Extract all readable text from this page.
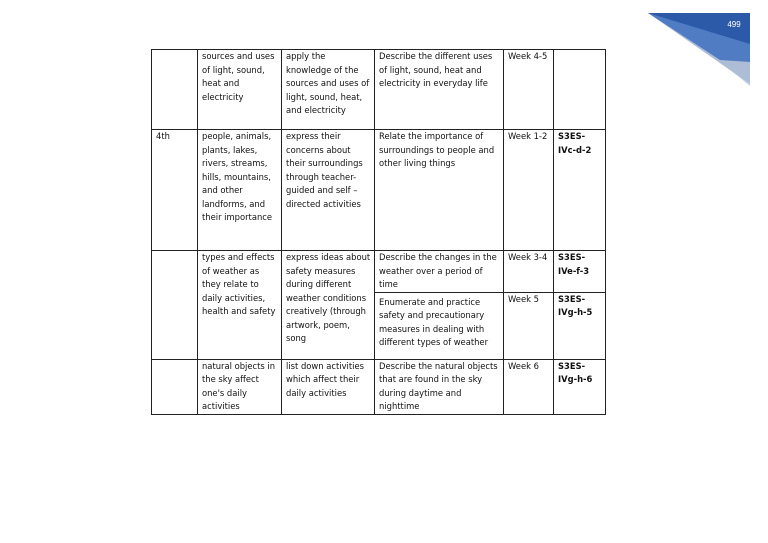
499
	sources and uses of light, sound, heat and electricity	apply the knowledge of the sources and uses of light, sound, heat, and electricity	Describe the different uses of light, sound, heat and electricity in everyday life	Week 4-5	
4th	people, animals, plants, lakes, rivers, streams, hills, mountains, and other landforms, and their importance	express their concerns about their surroundings through teacher-guided and self – directed activities	Relate the importance of surroundings to people and other living things	Week 1-2	S3ES-IVc-d-2
	types and effects of weather as they relate to daily activities, health and safety	express ideas about safety measures during different weather conditions creatively (through artwork, poem, song	Describe the changes in the weather over a period of time	Week 3-4	S3ES-IVe-f-3
			Enumerate and practice safety and precautionary measures in dealing with different types of weather	Week 5	S3ES-IVg-h-5
	natural objects in the sky affect one's daily activities	list down activities which affect their daily activities	Describe the natural objects that are found in the sky during daytime and nighttime	Week 6	S3ES-IVg-h-6
